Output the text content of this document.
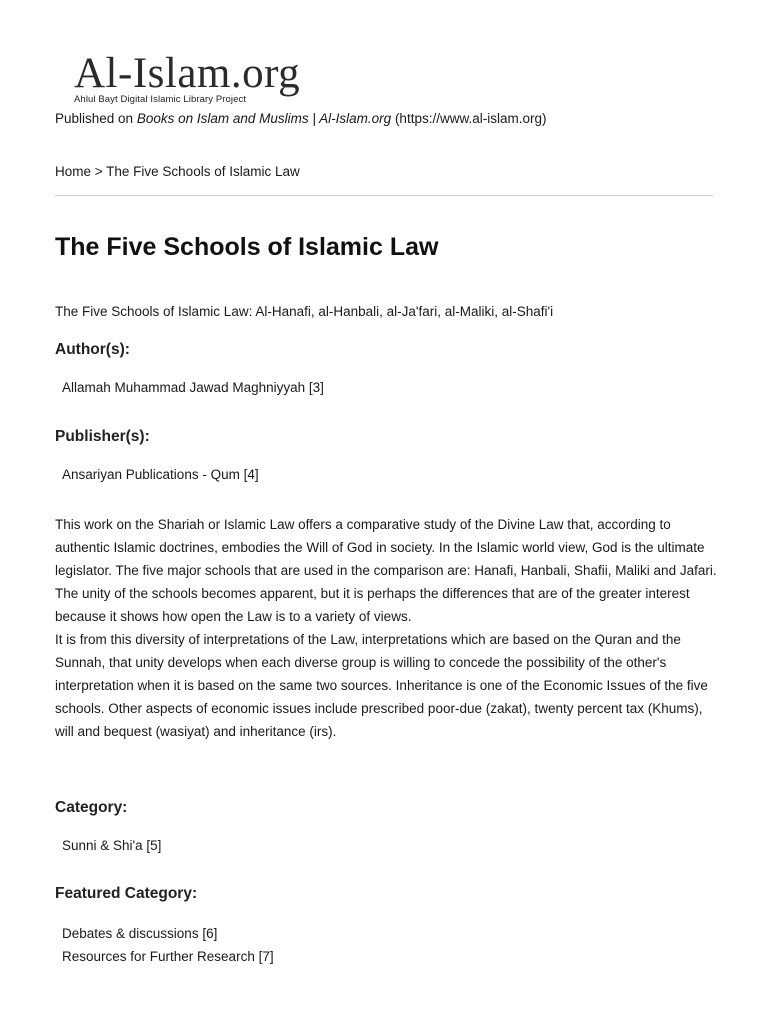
Al-Islam.org
Ahlul Bayt Digital Islamic Library Project
Published on Books on Islam and Muslims | Al-Islam.org (https://www.al-islam.org)
Home > The Five Schools of Islamic Law
The Five Schools of Islamic Law
The Five Schools of Islamic Law: Al-Hanafi, al-Hanbali, al-Ja'fari, al-Maliki, al-Shafi'i
Author(s):
Allamah Muhammad Jawad Maghniyyah [3]
Publisher(s):
Ansariyan Publications - Qum [4]

This work on the Shariah or Islamic Law offers a comparative study of the Divine Law that, according to authentic Islamic doctrines, embodies the Will of God in society. In the Islamic world view, God is the ultimate legislator. The five major schools that are used in the comparison are: Hanafi, Hanbali, Shafii, Maliki and Jafari.

The unity of the schools becomes apparent, but it is perhaps the differences that are of the greater interest because it shows how open the Law is to a variety of views.

It is from this diversity of interpretations of the Law, interpretations which are based on the Quran and the Sunnah, that unity develops when each diverse group is willing to concede the possibility of the other's interpretation when it is based on the same two sources. Inheritance is one of the Economic Issues of the five schools. Other aspects of economic issues include prescribed poor-due (zakat), twenty percent tax (Khums), will and bequest (wasiyat) and inheritance (irs).

Category:
Sunni & Shi'a [5]
Featured Category:
Debates & discussions [6]
Resources for Further Research [7]
